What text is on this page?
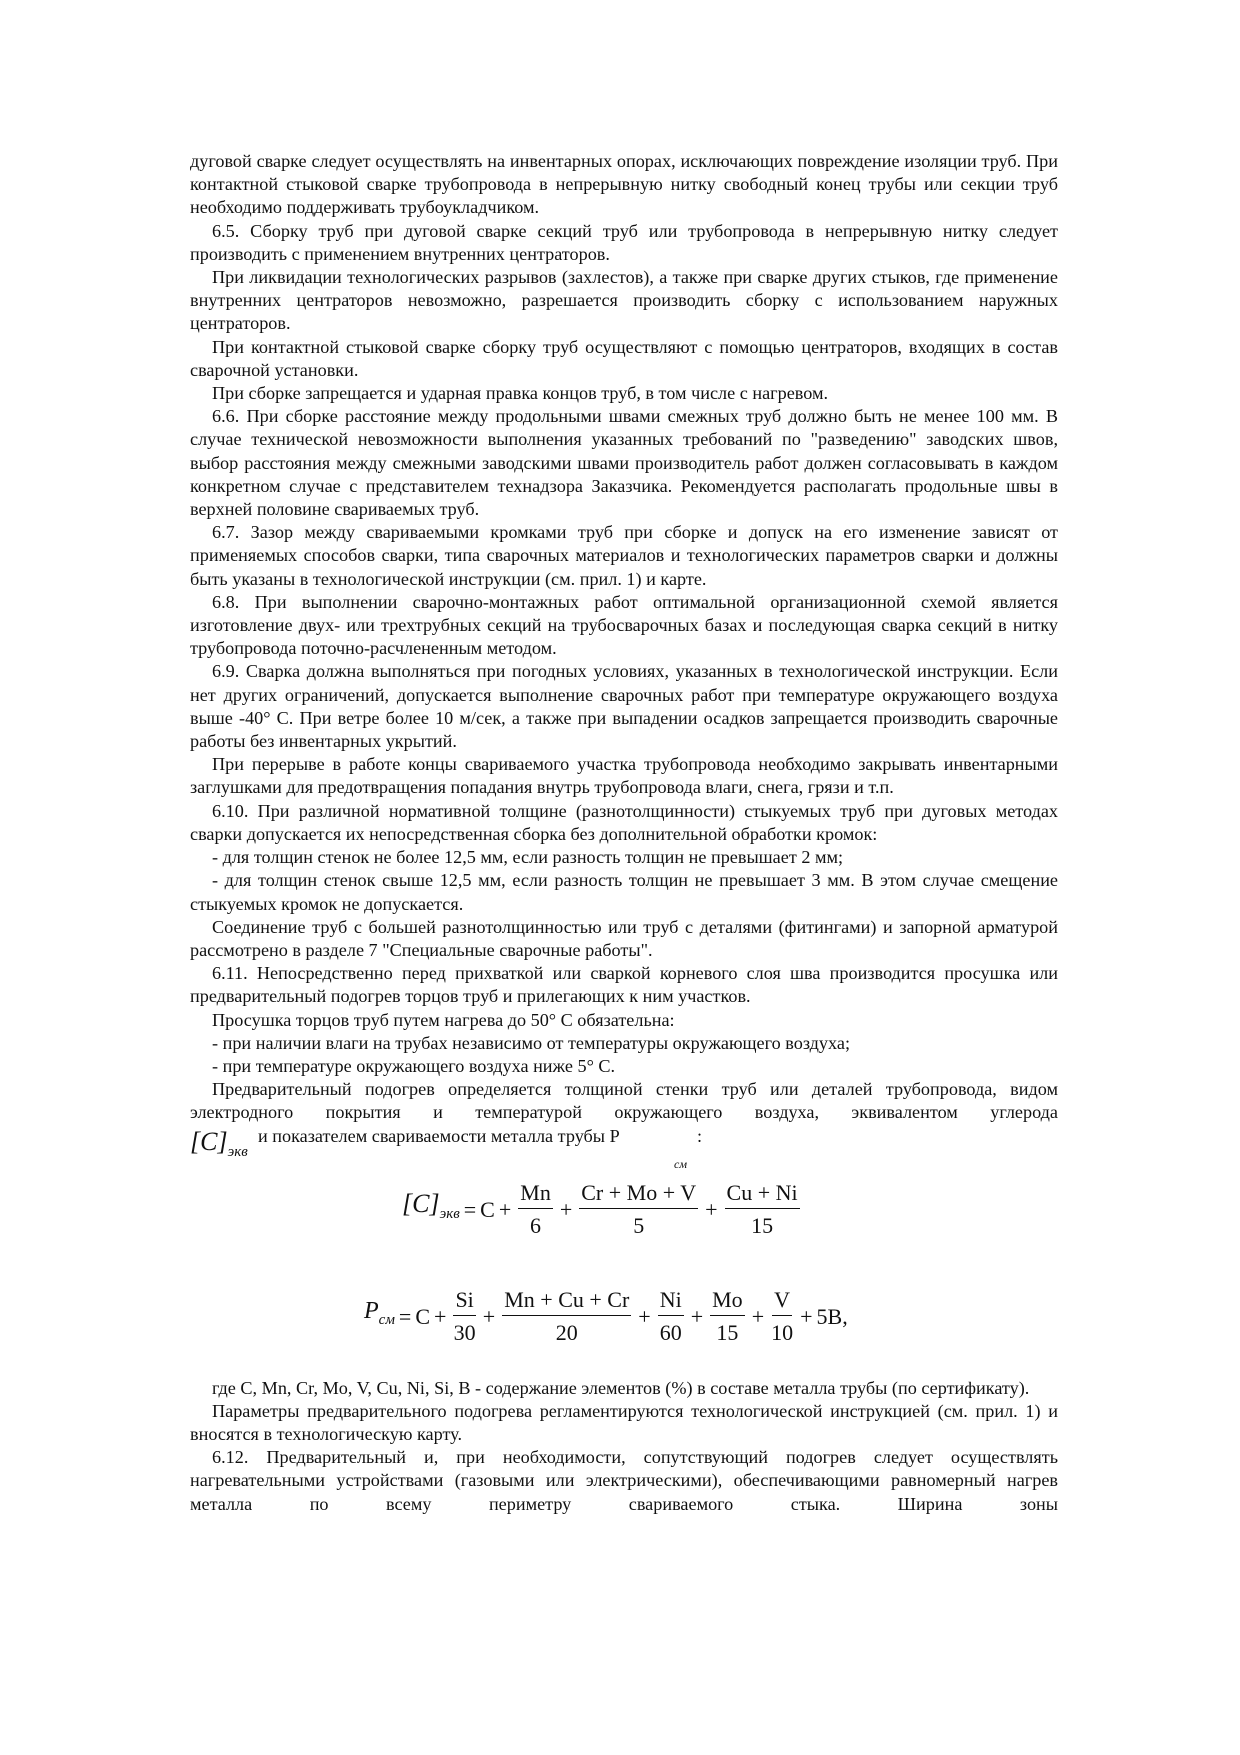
дуговой сварке следует осуществлять на инвентарных опорах, исключающих повреждение изоляции труб. При контактной стыковой сварке трубопровода в непрерывную нитку свободный конец трубы или секции труб необходимо поддерживать трубоукладчиком.

6.5. Сборку труб при дуговой сварке секций труб или трубопровода в непрерывную нитку следует производить с применением внутренних центраторов.

При ликвидации технологических разрывов (захлестов), а также при сварке других стыков, где применение внутренних центраторов невозможно, разрешается производить сборку с использованием наружных центраторов.

При контактной стыковой сварке сборку труб осуществляют с помощью центраторов, входящих в состав сварочной установки.

При сборке запрещается и ударная правка концов труб, в том числе с нагревом.

6.6. При сборке расстояние между продольными швами смежных труб должно быть не менее 100 мм. В случае технической невозможности выполнения указанных требований по "разведению" заводских швов, выбор расстояния между смежными заводскими швами производитель работ должен согласовывать в каждом конкретном случае с представителем технадзора Заказчика. Рекомендуется располагать продольные швы в верхней половине свариваемых труб.

6.7. Зазор между свариваемыми кромками труб при сборке и допуск на его изменение зависят от применяемых способов сварки, типа сварочных материалов и технологических параметров сварки и должны быть указаны в технологической инструкции (см. прил. 1) и карте.

6.8. При выполнении сварочно-монтажных работ оптимальной организационной схемой является изготовление двух- или трехтрубных секций на трубосварочных базах и последующая сварка секций в нитку трубопровода поточно-расчлененным методом.

6.9. Сварка должна выполняться при погодных условиях, указанных в технологической инструкции. Если нет других ограничений, допускается выполнение сварочных работ при температуре окружающего воздуха выше -40° С. При ветре более 10 м/сек, а также при выпадении осадков запрещается производить сварочные работы без инвентарных укрытий.

При перерыве в работе концы свариваемого участка трубопровода необходимо закрывать инвентарными заглушками для предотвращения попадания внутрь трубопровода влаги, снега, грязи и т.п.

6.10. При различной нормативной толщине (разнотолщинности) стыкуемых труб при дуговых методах сварки допускается их непосредственная сборка без дополнительной обработки кромок:

- для толщин стенок не более 12,5 мм, если разность толщин не превышает 2 мм;

- для толщин стенок свыше 12,5 мм, если разность толщин не превышает 3 мм. В этом случае смещение стыкуемых кромок не допускается.

Соединение труб с большей разнотолщинностью или труб с деталями (фитингами) и запорной арматурой рассмотрено в разделе 7 "Специальные сварочные работы".

6.11. Непосредственно перед прихваткой или сваркой корневого слоя шва производится просушка или предварительный подогрев торцов труб и прилегающих к ним участков.

Просушка торцов труб путем нагрева до 50° С обязательна:

- при наличии влаги на трубах независимо от температуры окружающего воздуха;

- при температуре окружающего воздуха ниже 5° С.

Предварительный подогрев определяется толщиной стенки труб или деталей трубопровода, видом электродного покрытия и температурой окружающего воздуха, эквивалентом углерода

$[C]_{экв}$
и показателем свариваемости металла трубы Р	:
см
$[C]_{экв} = C + \frac{Mn}{6} + \frac{Cr + Mo + V}{5} + \frac{Cu + Ni}{15}$
$P_{см} = C + \frac{Si}{30} + \frac{Mn + Cu + Cr}{20} + \frac{Ni}{60} + \frac{Mo}{15} + \frac{V}{10} + 5B$,

где С, Mn, Cr, Mo, V, Cu, Ni, Si, B - содержание элементов (%) в составе металла трубы (по сертификату).

Параметры предварительного подогрева регламентируются технологической инструкцией (см. прил. 1) и вносятся в технологическую карту.

6.12. Предварительный и, при необходимости, сопутствующий подогрев следует осуществлять нагревательными устройствами (газовыми или электрическими), обеспечивающими равномерный нагрев металла по всему периметру свариваемого стыка. Ширина зоны
